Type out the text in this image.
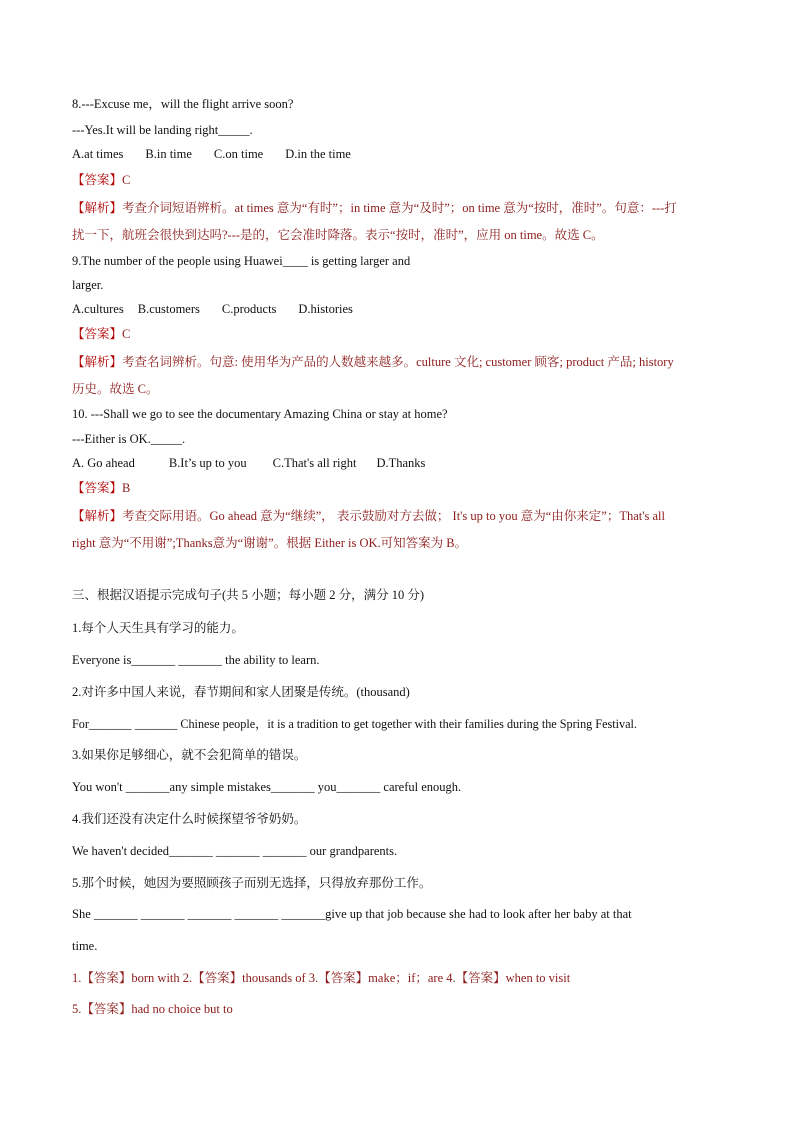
8.---Excuse me，will the flight arrive soon?
---Yes.It will be landing right_____.
A.at times B.in time C.on time D.in the time
【答案】C
【解析】考查介词短语辨析。at times 意为“有时”；in time 意为“及时”；on time 意为“按时，准时”。句意：---打
扰一下，航班会很快到达吗?---是的，它会准时降落。表示“按时，准时”，应用 on time。故选 C。
9.The number of the people using Huawei____ is getting larger and
larger.
A.cultures B.customers C.products D.histories
【答案】C
【解析】考查名词辨析。句意: 使用华为产品的人数越来越多。culture 文化; customer 顾客; product 产品; history
历史。故选 C。
10. ---Shall we go to see the documentary Amazing China or stay at home?
---Either is OK._____.
A. Go ahead	B.It’s up to you C.That's all right D.Thanks
【答案】B
【解析】考查交际用语。Go ahead 意为“继续”， 表示鼓励对方去做； It's up to you 意为“由你来定”；That's all
right 意为“不用谢”;Thanks意为“谢谢”。根据 Either is OK.可知答案为 B。
三、根据汉语提示完成句子(共 5 小题；每小题 2 分，满分 10 分)
1.每个人天生具有学习的能力。
Everyone is_______ _______ the ability to learn.
2.对许多中国人来说，春节期间和家人团聚是传统。(thousand)
For_______ _______ Chinese people，it is a tradition to get together with their families during the Spring Festival.
3.如果你足够细心，就不会犯简单的错误。
You won't _______any simple mistakes_______ you_______ careful enough.
4.我们还没有决定什么时候探望爷爷奶奶。
We haven't decided_______ _______ _______ our grandparents.
5.那个时候，她因为要照顾孩子而别无选择，只得放弃那份工作。
She _______ _______ _______ _______ _______give up that job because she had to look after her baby at that
time.
1.【答案】born with 2.【答案】thousands of 3.【答案】make；if；are 4.【答案】when to visit
5.【答案】had no choice but to
